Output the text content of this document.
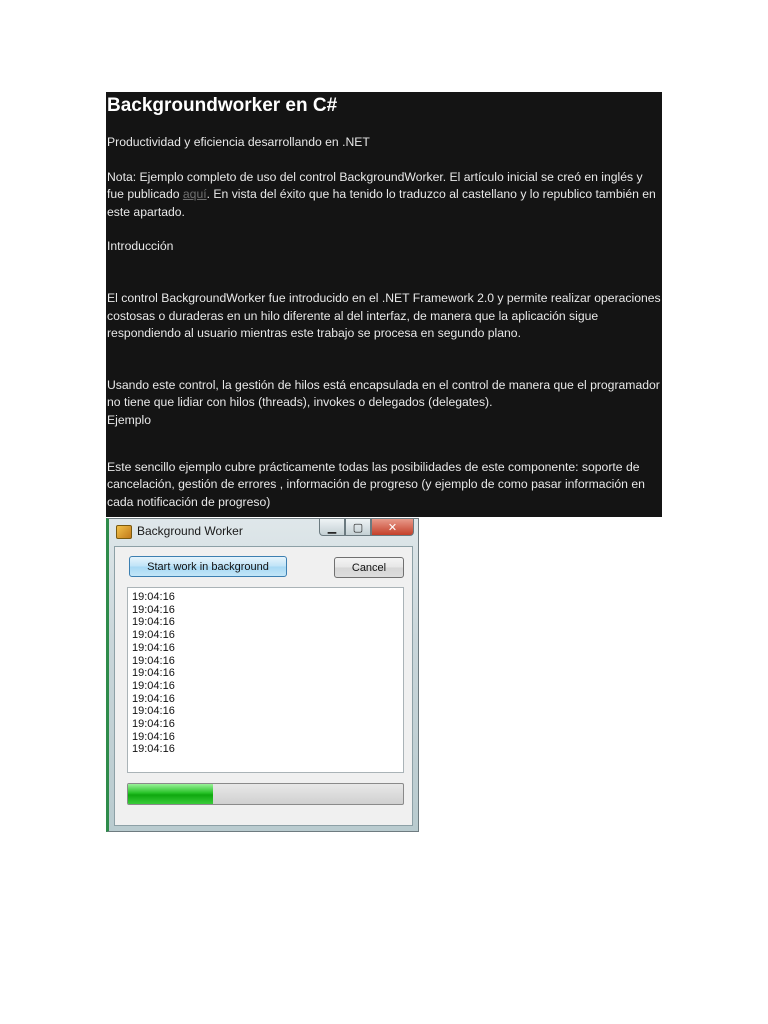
Backgroundworker en C#

Productividad y eficiencia desarrollando en .NET

Nota: Ejemplo completo de uso del control BackgroundWorker. El artículo inicial se creó en inglés y fue publicado aquí. En vista del éxito que ha tenido lo traduzco al castellano y lo republico también en este apartado.

Introducción

El control BackgroundWorker fue introducido en el .NET Framework 2.0 y permite realizar operaciones costosas o duraderas en un hilo diferente al del interfaz, de manera que la aplicación sigue respondiendo al usuario mientras este trabajo se procesa en segundo plano.

Usando este control, la gestión de hilos está encapsulada en el control de manera que el programador no tiene que lidiar con hilos (threads), invokes o delegados (delegates).

Ejemplo

Este sencillo ejemplo cubre prácticamente todas las posibilidades de este componente: soporte de cancelación, gestión de errores , información de progreso (y ejemplo de como pasar información en cada notificación de progreso)

Background Worker	▁	▢	✕
Start work in background	Cancel
19:04:16
19:04:16
19:04:16
19:04:16
19:04:16
19:04:16
19:04:16
19:04:16
19:04:16
19:04:16
19:04:16
19:04:16
19:04:16
